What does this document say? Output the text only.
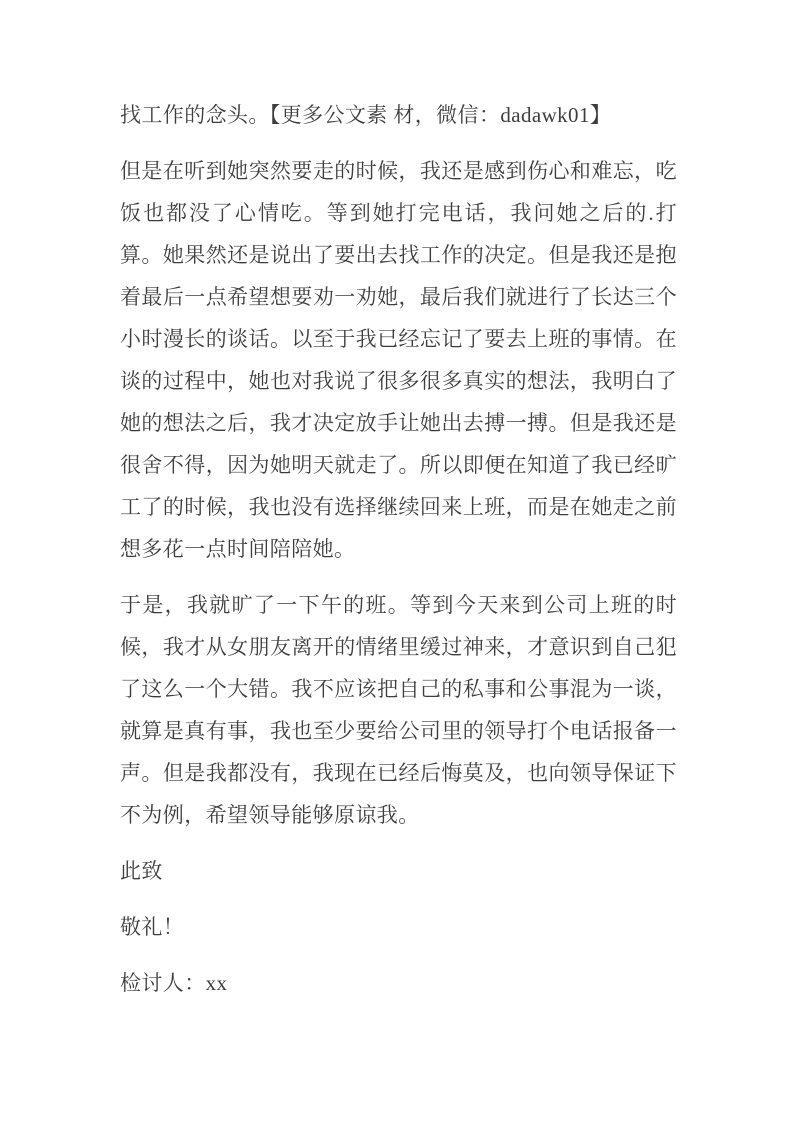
找工作的念头。【更多公文素 材，微信：dadawk01】

但是在听到她突然要走的时候，我还是感到伤心和难忘，吃饭也都没了心情吃。等到她打完电话，我问她之后的.打算。她果然还是说出了要出去找工作的决定。但是我还是抱着最后一点希望想要劝一劝她，最后我们就进行了长达三个小时漫长的谈话。以至于我已经忘记了要去上班的事情。在谈的过程中，她也对我说了很多很多真实的想法，我明白了她的想法之后，我才决定放手让她出去搏一搏。但是我还是很舍不得，因为她明天就走了。所以即便在知道了我已经旷工了的时候，我也没有选择继续回来上班，而是在她走之前想多花一点时间陪陪她。

于是，我就旷了一下午的班。等到今天来到公司上班的时候，我才从女朋友离开的情绪里缓过神来，才意识到自己犯了这么一个大错。我不应该把自己的私事和公事混为一谈，就算是真有事，我也至少要给公司里的领导打个电话报备一声。但是我都没有，我现在已经后悔莫及，也向领导保证下不为例，希望领导能够原谅我。

此致

敬礼！

检讨人：xx
